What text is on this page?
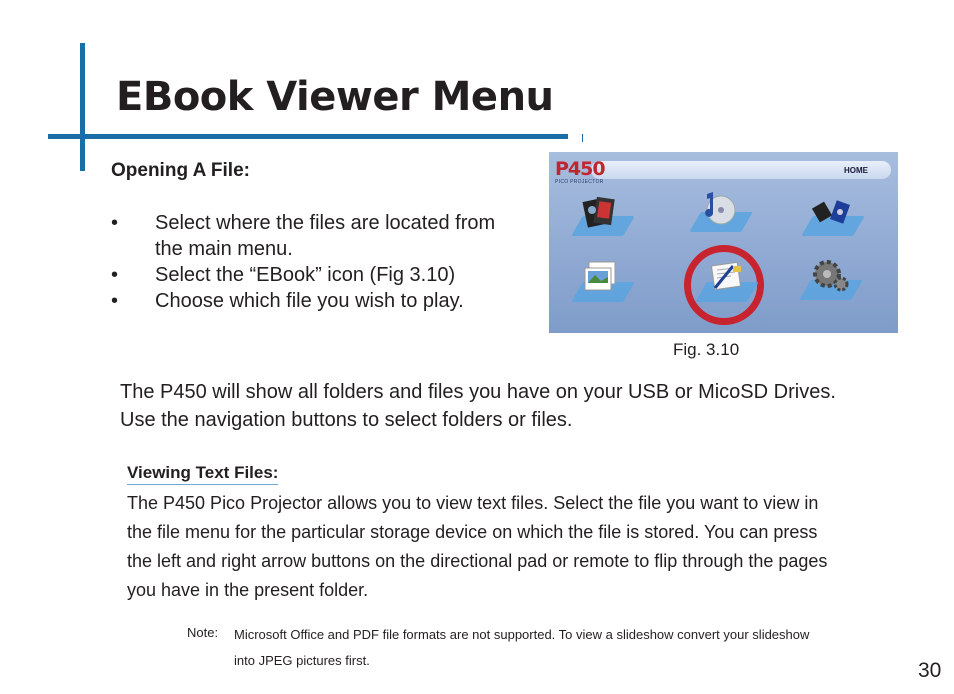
EBook Viewer Menu
Opening A File:
• Select where the files are located from
the main menu.
• Select the “EBook” icon (Fig 3.10)
• Choose which file you wish to play.
P450
PICO PROJECTOR
HOME
Fig. 3.10
The P450 will show all folders and files you have on your USB or MicoSD Drives.
Use the navigation buttons to select folders or files.
Viewing Text Files:
The P450 Pico Projector allows you to view text files. Select the file you want to view in
the file menu for the particular storage device on which the file is stored. You can press
the left and right arrow buttons on the directional pad or remote to flip through the pages
you have in the present folder.
Note: Microsoft Office and PDF file formats are not supported. To view a slideshow convert your slideshow
into JPEG pictures first.	30
